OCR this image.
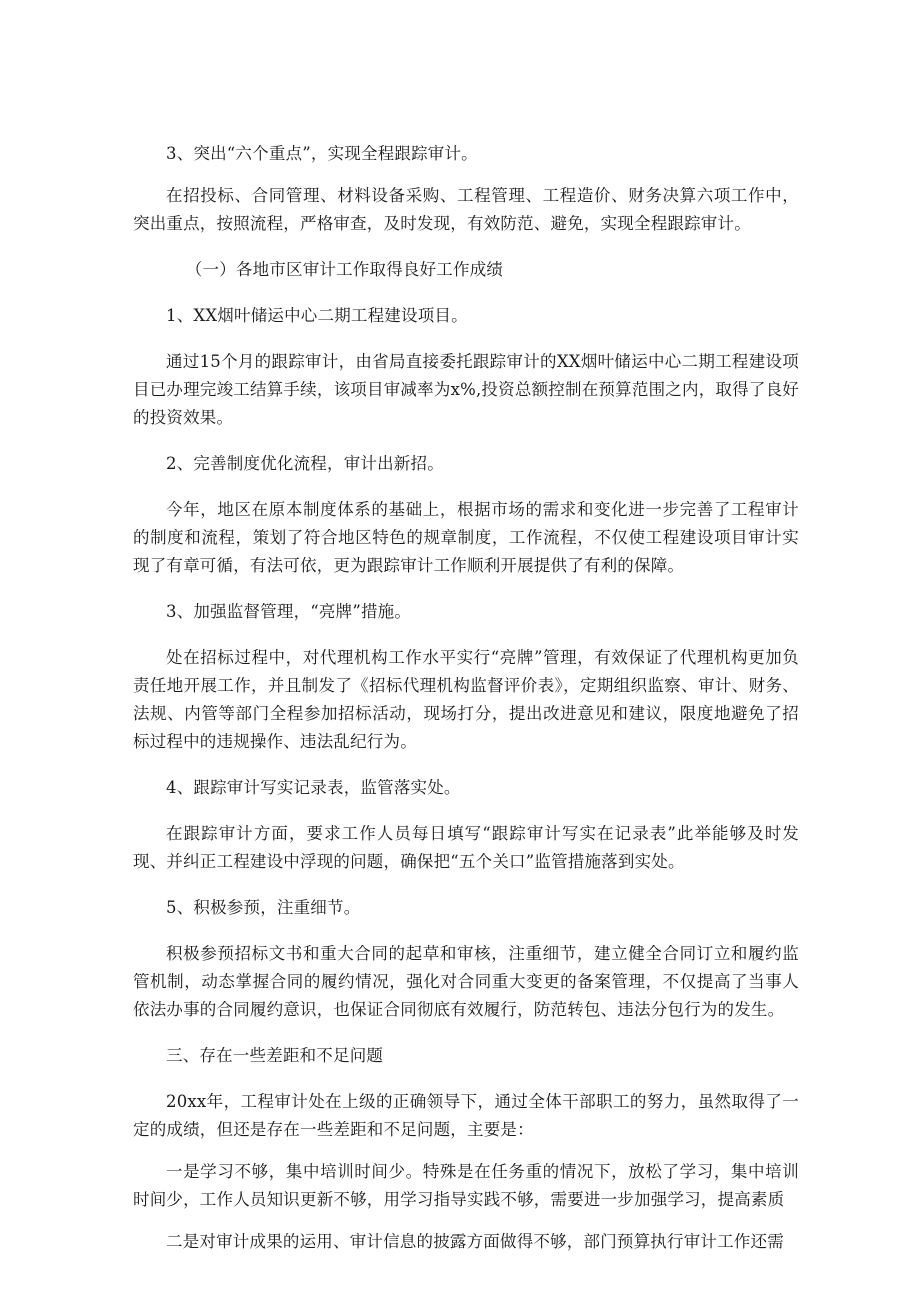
3、突出“六个重点”，实现全程跟踪审计。

在招投标、合同管理、材料设备采购、工程管理、工程造价、财务决算六项工作中，突出重点，按照流程，严格审查，及时发现，有效防范、避免，实现全程跟踪审计。

（一）各地市区审计工作取得良好工作成绩

1、XX烟叶储运中心二期工程建设项目。

通过15个月的跟踪审计，由省局直接委托跟踪审计的XX烟叶储运中心二期工程建设项目已办理完竣工结算手续，该项目审减率为x%,投资总额控制在预算范围之内，取得了良好的投资效果。

2、完善制度优化流程，审计出新招。

今年，地区在原本制度体系的基础上，根据市场的需求和变化进一步完善了工程审计的制度和流程，策划了符合地区特色的规章制度，工作流程，不仅使工程建设项目审计实现了有章可循，有法可依，更为跟踪审计工作顺利开展提供了有利的保障。

3、加强监督管理，“亮牌”措施。

处在招标过程中，对代理机构工作水平实行“亮牌”管理，有效保证了代理机构更加负责任地开展工作，并且制发了《招标代理机构监督评价表》，定期组织监察、审计、财务、法规、内管等部门全程参加招标活动，现场打分，提出改进意见和建议，限度地避免了招标过程中的违规操作、违法乱纪行为。

4、跟踪审计写实记录表，监管落实处。

在跟踪审计方面，要求工作人员每日填写“跟踪审计写实在记录表”此举能够及时发现、并纠正工程建设中浮现的问题，确保把“五个关口”监管措施落到实处。

5、积极参预，注重细节。

积极参预招标文书和重大合同的起草和审核，注重细节，建立健全合同订立和履约监管机制，动态掌握合同的履约情况，强化对合同重大变更的备案管理，不仅提高了当事人依法办事的合同履约意识，也保证合同彻底有效履行，防范转包、违法分包行为的发生。

三、存在一些差距和不足问题

20xx年，工程审计处在上级的正确领导下，通过全体干部职工的努力，虽然取得了一定的成绩，但还是存在一些差距和不足问题，主要是：

一是学习不够，集中培训时间少。特殊是在任务重的情况下，放松了学习，集中培训时间少，工作人员知识更新不够，用学习指导实践不够，需要进一步加强学习，提高素质

二是对审计成果的运用、审计信息的披露方面做得不够，部门预算执行审计工作还需
